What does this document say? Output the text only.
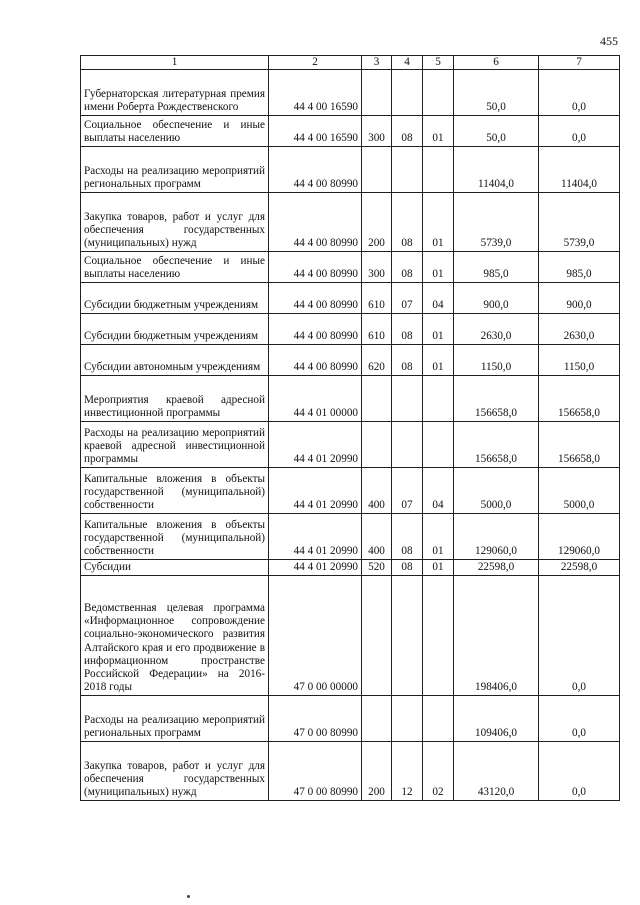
455
1	2	3	4	5	6	7
Губернаторская литературная премия имени Роберта Рождественского	44 4 00 16590				50,0	0,0
Социальное обеспечение и иные выплаты населению	44 4 00 16590	300	08	01	50,0	0,0
Расходы на реализацию мероприятий региональных программ	44 4 00 80990				11404,0	11404,0
Закупка товаров, работ и услуг для обеспечения государственных (муниципальных) нужд	44 4 00 80990	200	08	01	5739,0	5739,0
Социальное обеспечение и иные выплаты населению	44 4 00 80990	300	08	01	985,0	985,0
Субсидии бюджетным учреждениям	44 4 00 80990	610	07	04	900,0	900,0
Субсидии бюджетным учреждениям	44 4 00 80990	610	08	01	2630,0	2630,0
Субсидии автономным учреждениям	44 4 00 80990	620	08	01	1150,0	1150,0
Мероприятия краевой адресной инвестиционной программы	44 4 01 00000				156658,0	156658,0
Расходы на реализацию мероприятий краевой адресной инвестиционной программы	44 4 01 20990				156658,0	156658,0
Капитальные вложения в объекты государственной (муниципальной) собственности	44 4 01 20990	400	07	04	5000,0	5000,0
Капитальные вложения в объекты государственной (муниципальной) собственности	44 4 01 20990	400	08	01	129060,0	129060,0
Субсидии	44 4 01 20990	520	08	01	22598,0	22598,0
Ведомственная целевая программа «Информационное сопровождение социально-экономического развития Алтайского края и его продвижение в информационном пространстве Российской Федерации» на 2016-2018 годы	47 0 00 00000				198406,0	0,0
Расходы на реализацию мероприятий региональных программ	47 0 00 80990				109406,0	0,0
Закупка товаров, работ и услуг для обеспечения государственных (муниципальных) нужд	47 0 00 80990	200	12	02	43120,0	0,0
